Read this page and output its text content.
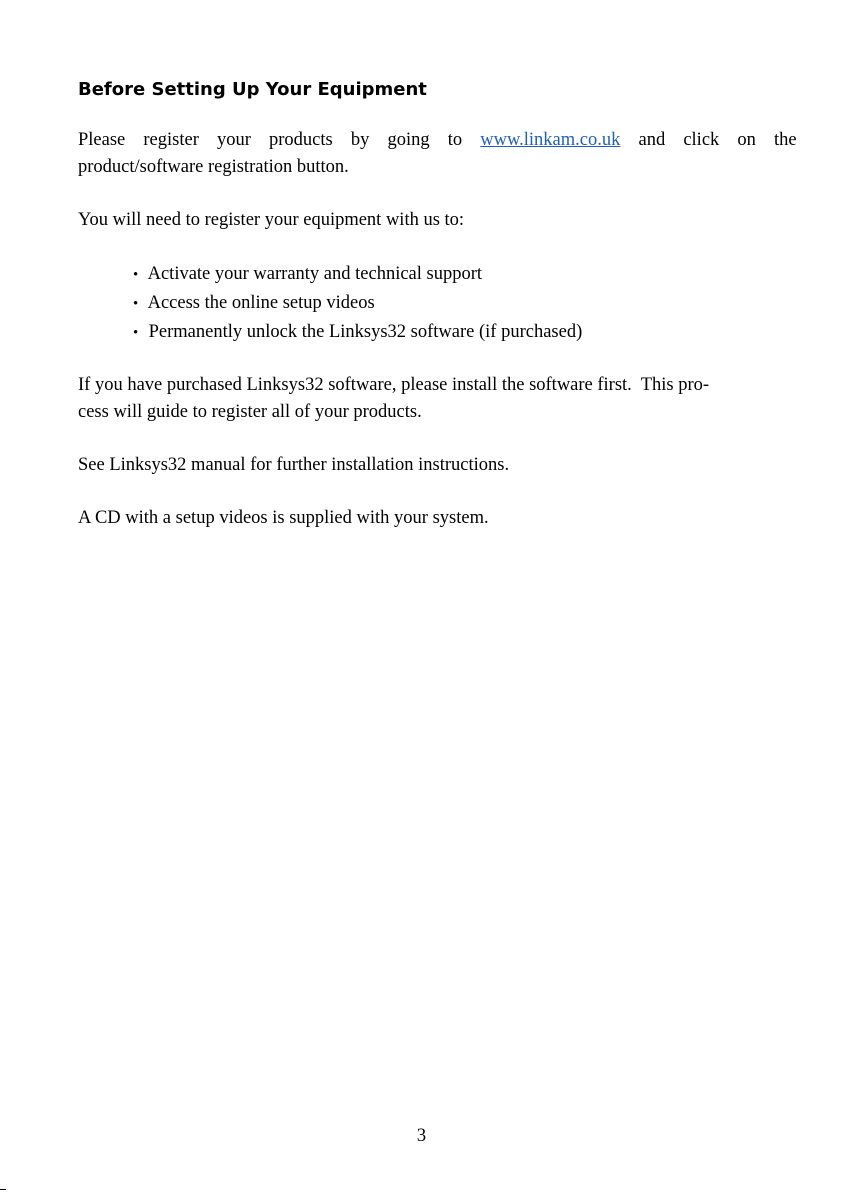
Before Setting Up Your Equipment

Please register your products by going to www.linkam.co.uk and click on the
product/software registration button.

You will need to register your equipment with us to:

• Activate your warranty and technical support
• Access the online setup videos
• Permanently unlock the Linksys32 software (if purchased)

If you have purchased Linksys32 software, please install the software first.  This pro-
cess will guide to register all of your products.

See Linksys32 manual for further installation instructions.

A CD with a setup videos is supplied with your system.

3
